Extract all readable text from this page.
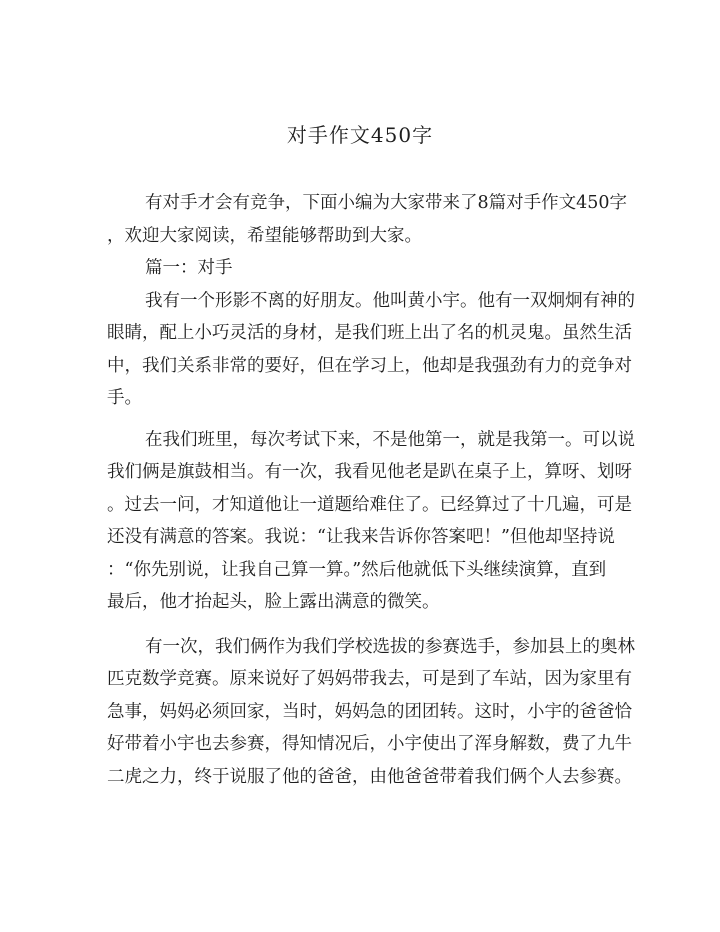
对手作文450字
有对手才会有竞争，下面小编为大家带来了8篇对手作文450字
，欢迎大家阅读，希望能够帮助到大家。
篇一：对手
我有一个形影不离的好朋友。他叫黄小宇。他有一双炯炯有神的
眼睛，配上小巧灵活的身材，是我们班上出了名的机灵鬼。虽然生活
中，我们关系非常的要好，但在学习上，他却是我强劲有力的竞争对
手。
在我们班里，每次考试下来，不是他第一，就是我第一。可以说
我们俩是旗鼓相当。有一次，我看见他老是趴在桌子上，算呀、划呀
。过去一问，才知道他让一道题给难住了。已经算过了十几遍，可是
还没有满意的答案。我说：“让我来告诉你答案吧！”但他却坚持说
：“你先别说，让我自己算一算。”然后他就低下头继续演算，直到
最后，他才抬起头，脸上露出满意的微笑。
有一次，我们俩作为我们学校选拔的参赛选手，参加县上的奥林
匹克数学竞赛。原来说好了妈妈带我去，可是到了车站，因为家里有
急事，妈妈必须回家，当时，妈妈急的团团转。这时，小宇的爸爸恰
好带着小宇也去参赛，得知情况后，小宇使出了浑身解数，费了九牛
二虎之力，终于说服了他的爸爸，由他爸爸带着我们俩个人去参赛。
